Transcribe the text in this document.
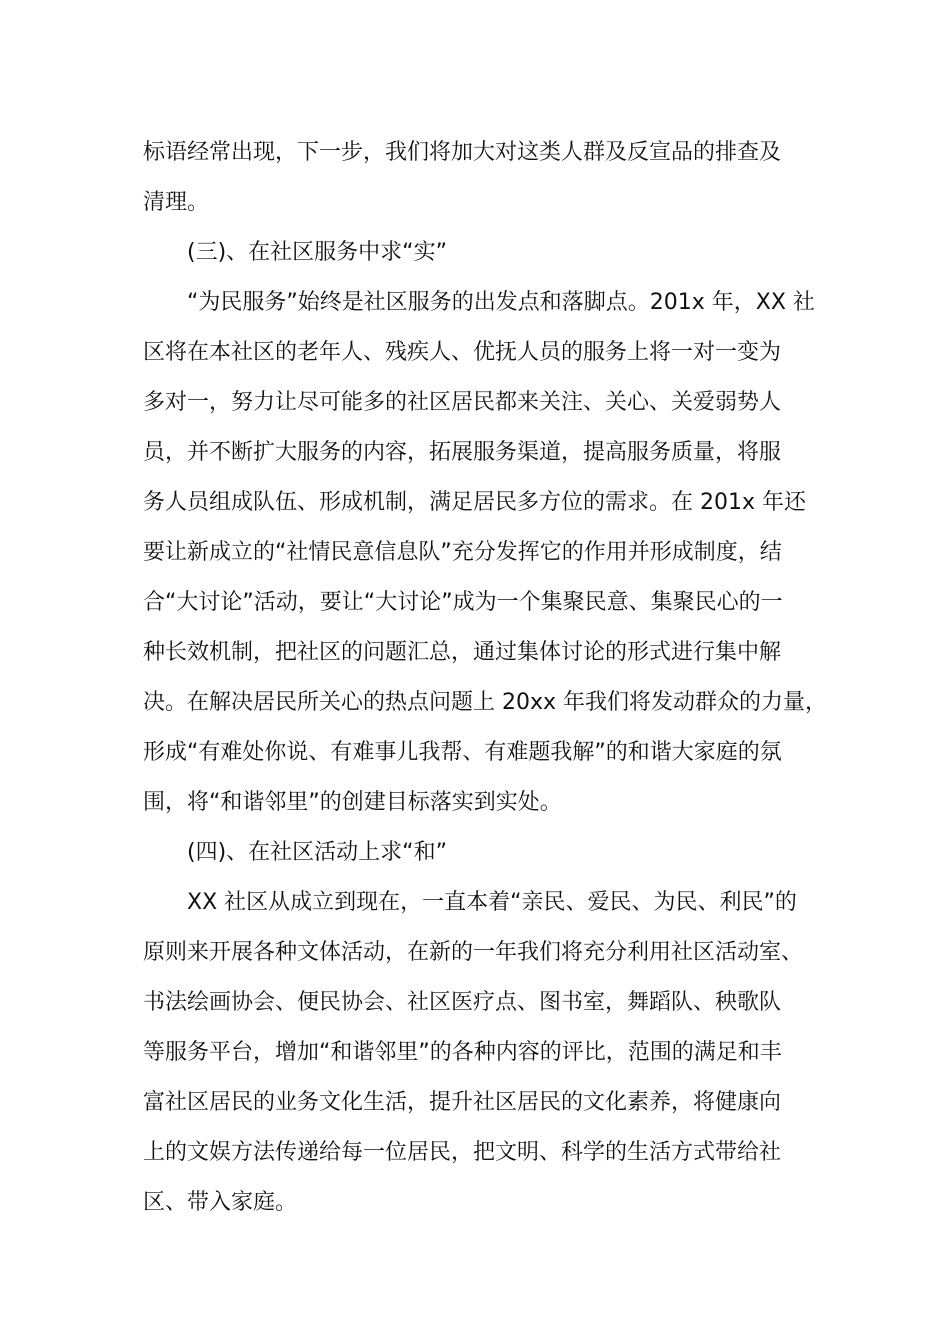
标语经常出现，下一步，我们将加大对这类人群及反宣品的排查及
清理。

(三)、在社区服务中求“实”

“为民服务”始终是社区服务的出发点和落脚点。201x 年，XX 社
区将在本社区的老年人、残疾人、优抚人员的服务上将一对一变为
多对一，努力让尽可能多的社区居民都来关注、关心、关爱弱势人
员，并不断扩大服务的内容，拓展服务渠道，提高服务质量，将服
务人员组成队伍、形成机制，满足居民多方位的需求。在 201x 年还
要让新成立的“社情民意信息队”充分发挥它的作用并形成制度，结
合“大讨论”活动，要让“大讨论”成为一个集聚民意、集聚民心的一
种长效机制，把社区的问题汇总，通过集体讨论的形式进行集中解
决。在解决居民所关心的热点问题上 20xx 年我们将发动群众的力量，
形成“有难处你说、有难事儿我帮、有难题我解”的和谐大家庭的氛
围，将“和谐邻里”的创建目标落实到实处。

(四)、在社区活动上求“和”

XX 社区从成立到现在，一直本着“亲民、爱民、为民、利民”的
原则来开展各种文体活动，在新的一年我们将充分利用社区活动室、
书法绘画协会、便民协会、社区医疗点、图书室，舞蹈队、秧歌队
等服务平台，增加“和谐邻里”的各种内容的评比，范围的满足和丰
富社区居民的业务文化生活，提升社区居民的文化素养，将健康向
上的文娱方法传递给每一位居民，把文明、科学的生活方式带给社
区、带入家庭。
